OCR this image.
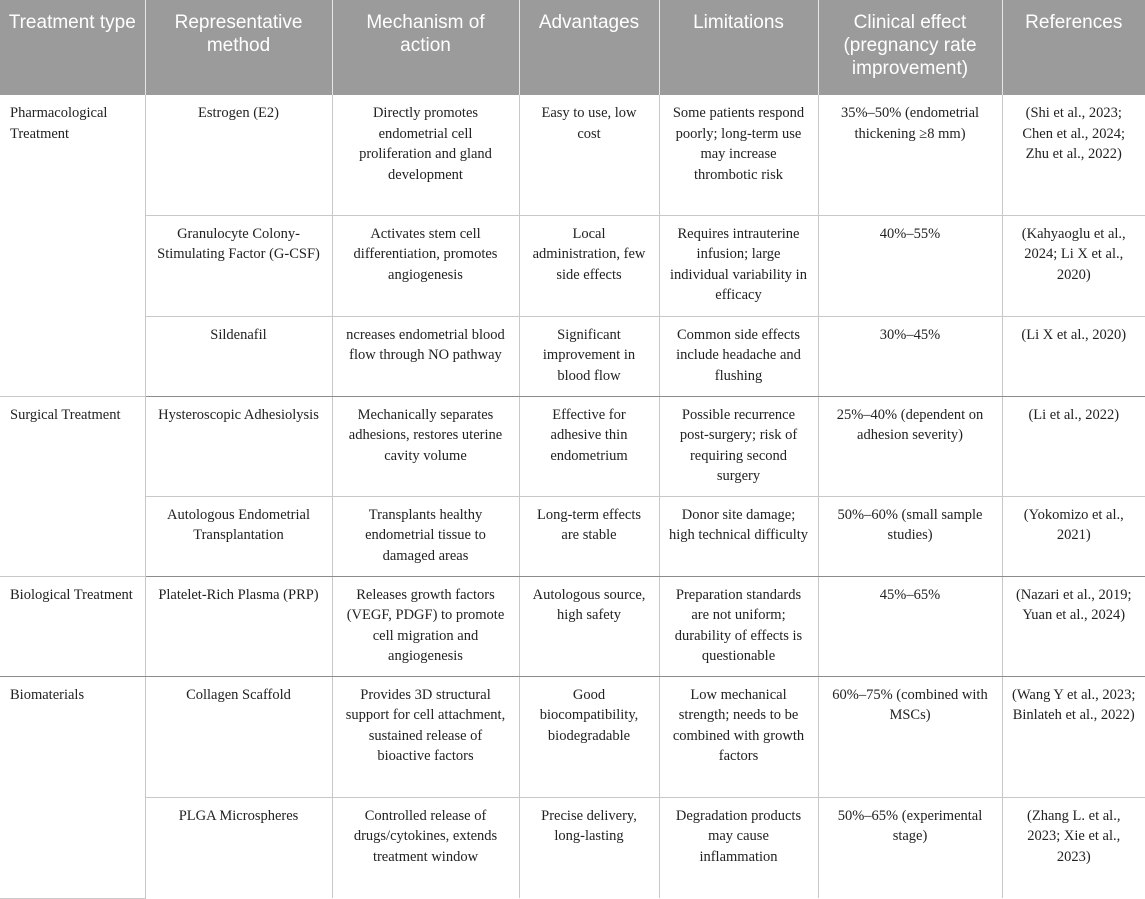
Treatment type	Representative method	Mechanism of action	Advantages	Limitations	Clinical effect (pregnancy rate improvement)	References
Pharmacological Treatment	Estrogen (E2)	Directly promotes endometrial cell proliferation and gland development	Easy to use, low cost	Some patients respond poorly; long-term use may increase thrombotic risk	35%–50% (endometrial thickening ≥8 mm)	(Shi et al., 2023; Chen et al., 2024; Zhu et al., 2022)
	Granulocyte Colony-Stimulating Factor (G-CSF)	Activates stem cell differentiation, promotes angiogenesis	Local administration, few side effects	Requires intrauterine infusion; large individual variability in efficacy	40%–55%	(Kahyaoglu et al., 2024; Li X et al., 2020)
	Sildenafil	ncreases endometrial blood flow through NO pathway	Significant improvement in blood flow	Common side effects include headache and flushing	30%–45%	(Li X et al., 2020)
Surgical Treatment	Hysteroscopic Adhesiolysis	Mechanically separates adhesions, restores uterine cavity volume	Effective for adhesive thin endometrium	Possible recurrence post-surgery; risk of requiring second surgery	25%–40% (dependent on adhesion severity)	(Li et al., 2022)
	Autologous Endometrial Transplantation	Transplants healthy endometrial tissue to damaged areas	Long-term effects are stable	Donor site damage; high technical difficulty	50%–60% (small sample studies)	(Yokomizo et al., 2021)
Biological Treatment	Platelet-Rich Plasma (PRP)	Releases growth factors (VEGF, PDGF) to promote cell migration and angiogenesis	Autologous source, high safety	Preparation standards are not uniform; durability of effects is questionable	45%–65%	(Nazari et al., 2019; Yuan et al., 2024)
Biomaterials	Collagen Scaffold	Provides 3D structural support for cell attachment, sustained release of bioactive factors	Good biocompatibility, biodegradable	Low mechanical strength; needs to be combined with growth factors	60%–75% (combined with MSCs)	(Wang Y et al., 2023; Binlateh et al., 2022)
	PLGA Microspheres	Controlled release of drugs/cytokines, extends treatment window	Precise delivery, long-lasting	Degradation products may cause inflammation	50%–65% (experimental stage)	(Zhang L. et al., 2023; Xie et al., 2023)
